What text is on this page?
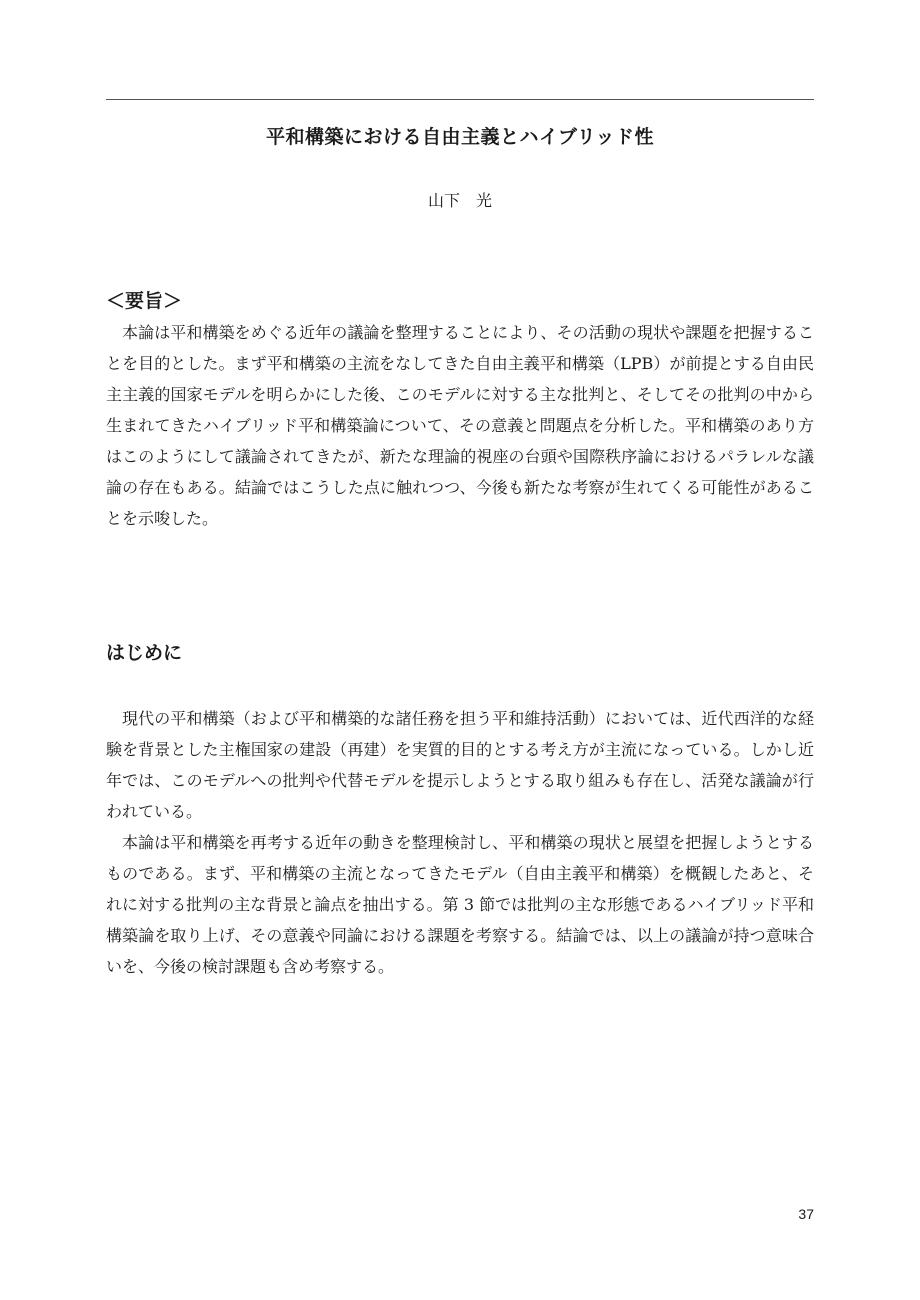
平和構築における自由主義とハイブリッド性
山下　光
＜要旨＞

本論は平和構築をめぐる近年の議論を整理することにより、その活動の現状や課題を把握することを目的とした。まず平和構築の主流をなしてきた自由主義平和構築（LPB）が前提とする自由民主主義的国家モデルを明らかにした後、このモデルに対する主な批判と、そしてその批判の中から生まれてきたハイブリッド平和構築論について、その意義と問題点を分析した。平和構築のあり方はこのようにして議論されてきたが、新たな理論的視座の台頭や国際秩序論におけるパラレルな議論の存在もある。結論ではこうした点に触れつつ、今後も新たな考察が生れてくる可能性があることを示唆した。

はじめに

現代の平和構築（および平和構築的な諸任務を担う平和維持活動）においては、近代西洋的な経験を背景とした主権国家の建設（再建）を実質的目的とする考え方が主流になっている。しかし近年では、このモデルへの批判や代替モデルを提示しようとする取り組みも存在し、活発な議論が行われている。

本論は平和構築を再考する近年の動きを整理検討し、平和構築の現状と展望を把握しようとするものである。まず、平和構築の主流となってきたモデル（自由主義平和構築）を概観したあと、それに対する批判の主な背景と論点を抽出する。第 3 節では批判の主な形態であるハイブリッド平和構築論を取り上げ、その意義や同論における課題を考察する。結論では、以上の議論が持つ意味合いを、今後の検討課題も含め考察する。

37
